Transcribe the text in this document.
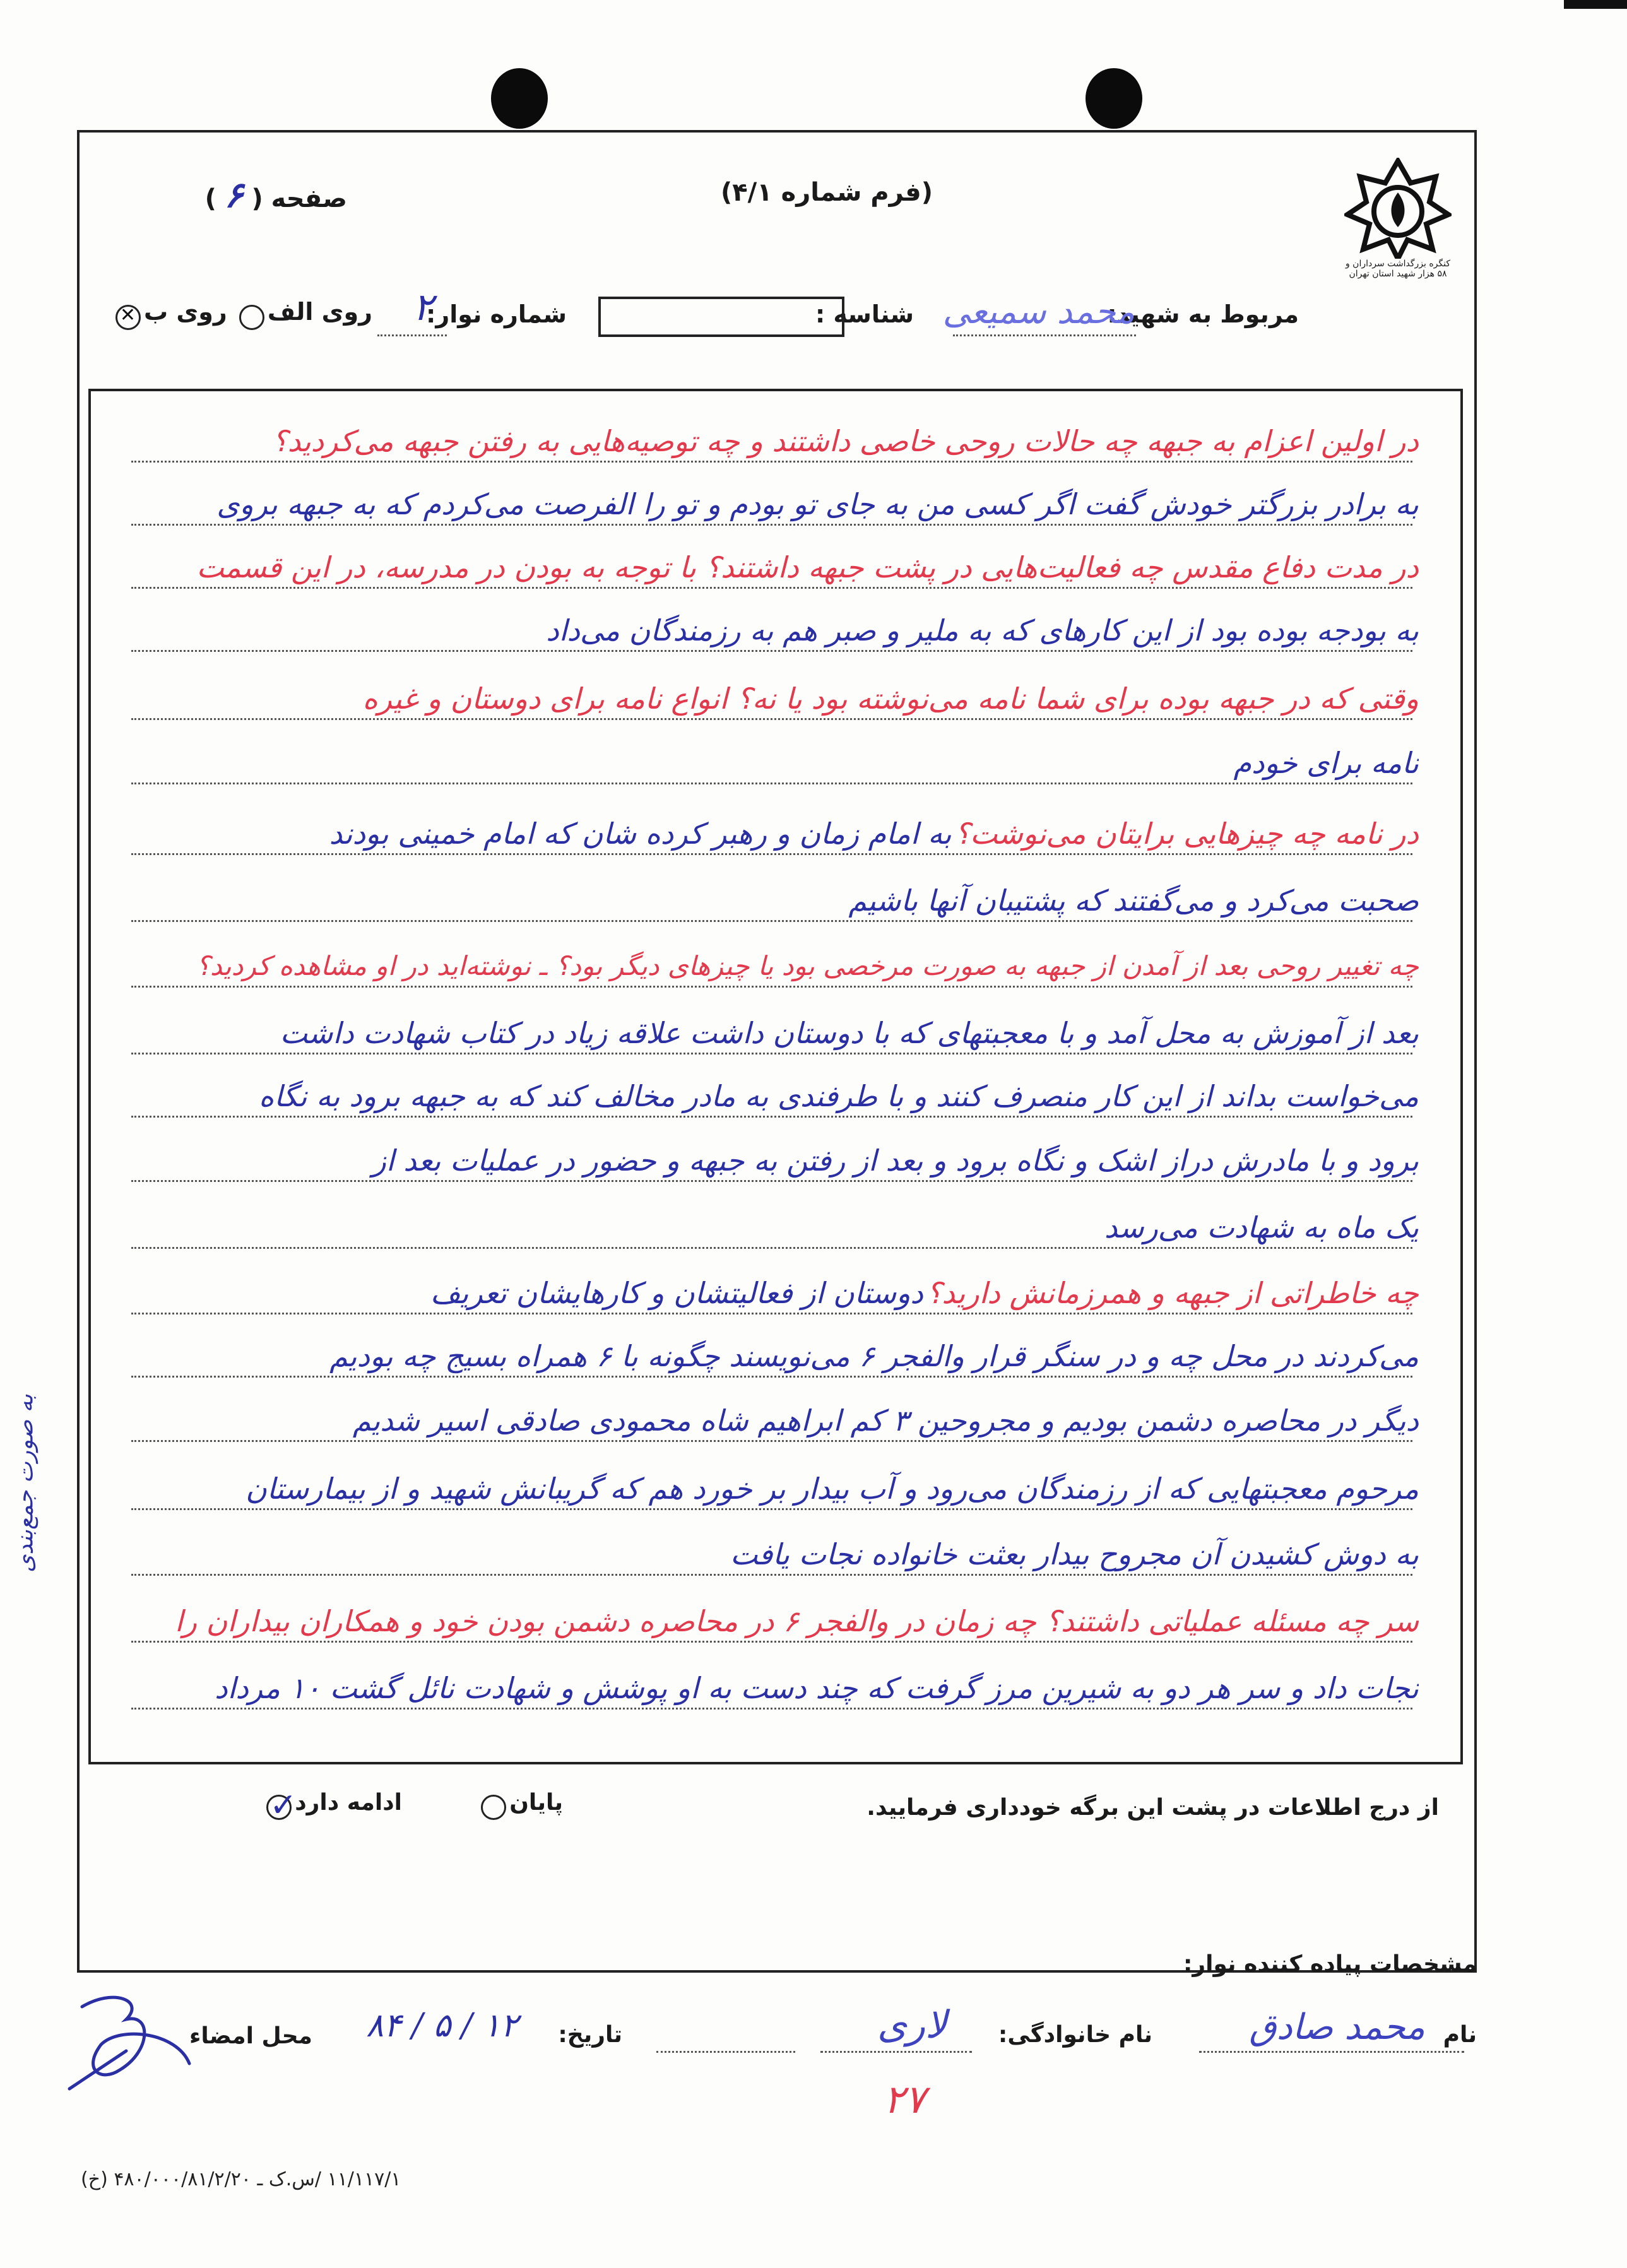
کنگره بزرگداشت سرداران و ۵۸ هزار شهید استان تهران
(فرم شماره ۴/۱)
صفحه ( ۶ )
مربوط به شهید:
محمد سمیعی
شناسه :
شماره نوار:
۲
روی الف  روی ب ✕
در اولین اعزام به جبهه چه حالات روحی خاصی داشتند و چه توصیه‌هایی به رفتن جبهه می‌کردید؟
به برادر بزرگتر خودش گفت اگر کسی من به جای تو بودم و تو را الفرصت می‌کردم که به جبهه بروی
در مدت دفاع مقدس چه فعالیت‌هایی در پشت جبهه داشتند؟ با توجه به بودن در مدرسه، در این قسمت
به بودجه بوده بود از این کارهای که به ملیر و صبر هم به رزمندگان می‌داد
وقتی که در جبهه بوده برای شما نامه می‌نوشته بود یا نه؟ انواع نامه برای دوستان و غیره
نامه برای خودم
در نامه چه چیزهایی برایتان می‌نوشت؟ به امام زمان و رهبر کرده شان که امام خمینی بودند
صحبت می‌کرد و می‌گفتند که پشتیبان آنها باشیم
چه تغییر روحی بعد از آمدن از جبهه به صورت مرخصی بود یا چیزهای دیگر بود؟ ـ نوشته‌اید در او مشاهده کردید؟
بعد از آموزش به محل آمد و با معجبتهای که با دوستان داشت علاقه زیاد در کتاب شهادت داشت
می‌خواست بداند از این کار منصرف کنند و با طرفندی به مادر مخالف کند که به جبهه برود به نگاه
برود و با مادرش دراز اشک و نگاه برود و بعد از رفتن به جبهه و حضور در عملیات بعد از
یک ماه به شهادت می‌رسد
چه خاطراتی از جبهه و همرزمانش دارید؟ دوستان از فعالیتشان و کارهایشان تعریف
می‌کردند در محل چه و در سنگر قرار والفجر ۶ می‌نویسند چگونه با ۶ همراه بسیج چه بودیم
دیگر در محاصره دشمن بودیم و مجروحین ۳ کم ابراهیم شاه محمودی صادقی اسیر شدیم
مرحوم معجبتهایی که از رزمندگان می‌رود و آب بیدار بر خورد هم که گریبانش شهید و از بیمارستان
به دوش کشیدن آن مجروح بیدار بعثت خانواده نجات یافت
سر چه مسئله عملیاتی داشتند؟ چه زمان در والفجر ۶ در محاصره دشمن بودن خود و همکاران بیداران را
نجات داد و سر هر دو به شیرین مرز گرفت که چند دست به او پوشش و شهادت نائل گشت ۱۰ مرداد
به صورت جمع‌بندی
از درج اطلاعات در پشت این برگه خودداری فرمایید.
پایان  ادامه دارد ✓
مشخصات پیاده کننده نوار:
نام
محمد صادق
نام خانوادگی:
لاری
۲۷
تاریخ:
۸۴ / ۵ / ۱۲
محل امضاء
۱۱/۱۱۷/۱ /س.ک ـ ۴۸۰/۰۰۰/۸۱/۲/۲۰ (خ)
